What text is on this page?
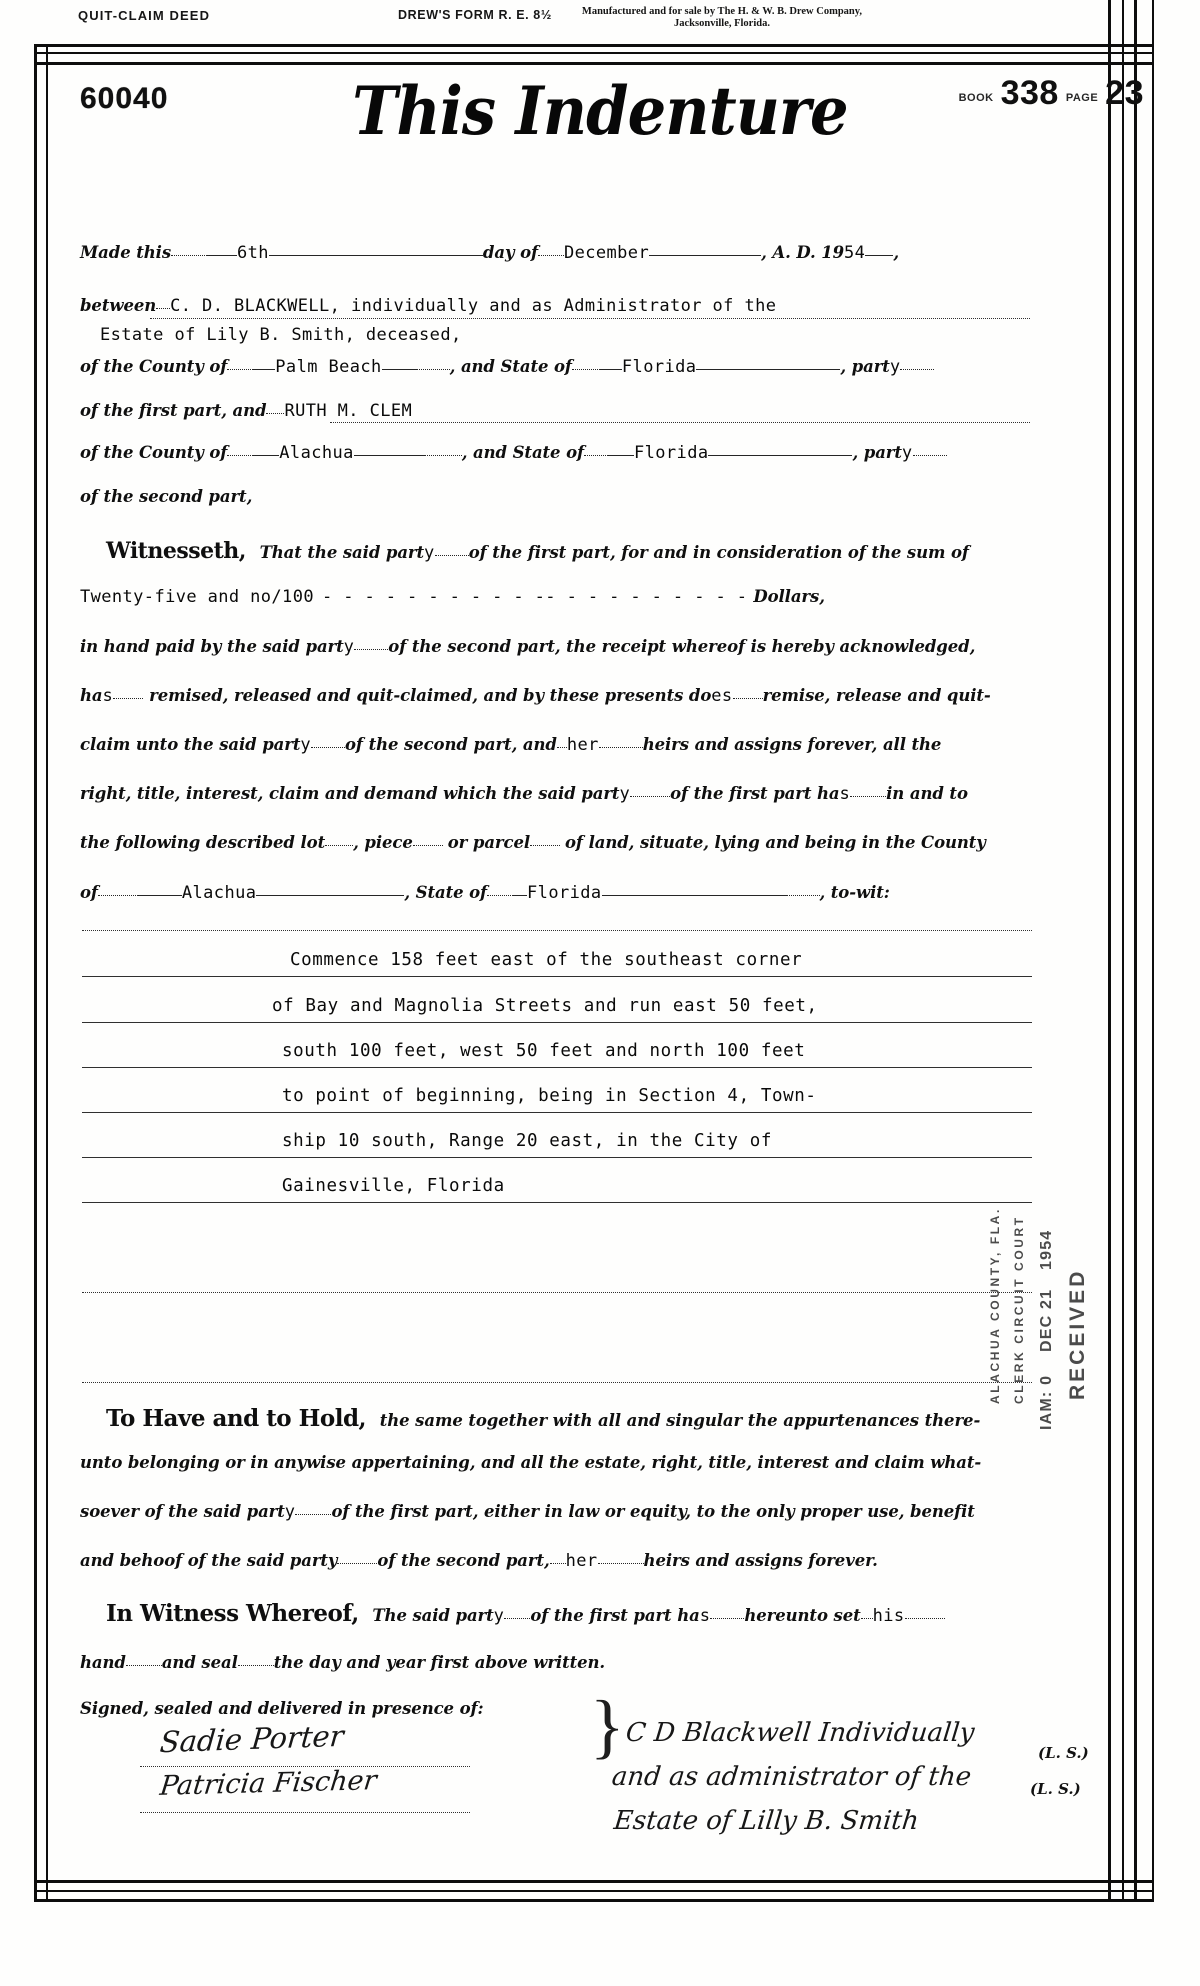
QUIT-CLAIM DEED	DREW'S FORM R. E. 8½	Manufactured and for sale by The H. & W. B. Drew Company,
Jacksonville, Florida.
60040	This Indenture	BOOK 338 PAGE 23
Made this	6th	day of December	, A. D. 1954 ,
between C. D. BLACKWELL, individually and as Administrator of the
Estate of Lily B. Smith, deceased,
of the County of	Palm Beach	, and State of	Florida	, party
of the first part, and RUTH M. CLEM
of the County of	Alachua	, and State of	Florida	, party
of the second part,
Witnesseth, That the said party of the first part, for and in consideration of the sum of
Twenty-five and no/100 - - - - - - - - - - -- - - - - - - - - - Dollars,
in hand paid by the said party of the second part, the receipt whereof is hereby acknowledged,
has remised, released and quit-claimed, and by these presents does remise, release and quit-
claim unto the said party of the second part, and her	heirs and assigns forever, all the
right, title, interest, claim and demand which the said party of the first part has in and to
the following described lot , piece or parcel of land, situate, lying and being in the County
of	Alachua	, State of Florida	, to-wit:
Commence 158 feet east of the southeast corner
of Bay and Magnolia Streets and run east 50 feet,
south 100 feet, west 50 feet and north 100 feet
to point of beginning, being in Section 4, Town-
ship 10 south, Range 20 east, in the City of
Gainesville, Florida
RECEIVED
1954
DEC 21
IAM: 0
CLERK CIRCUIT COURT
ALACHUA COUNTY, FLA.
To Have and to Hold, the same together with all and singular the appurtenances there-
unto belonging or in anywise appertaining, and all the estate, right, title, interest and claim what-
soever of the said party of the first part, either in law or equity, to the only proper use, benefit
and behoof of the said party of the second part, her	heirs and assigns forever.
In Witness Whereof, The said party of the first part has hereunto set his
hand and seal the day and year first above written.
Signed, sealed and delivered in presence of: }
Sadie Porter
Patricia Fischer
C D Blackwell Individually
(L. S.)
and as administrator of the	(L. S.)
Estate of Lilly B. Smith
